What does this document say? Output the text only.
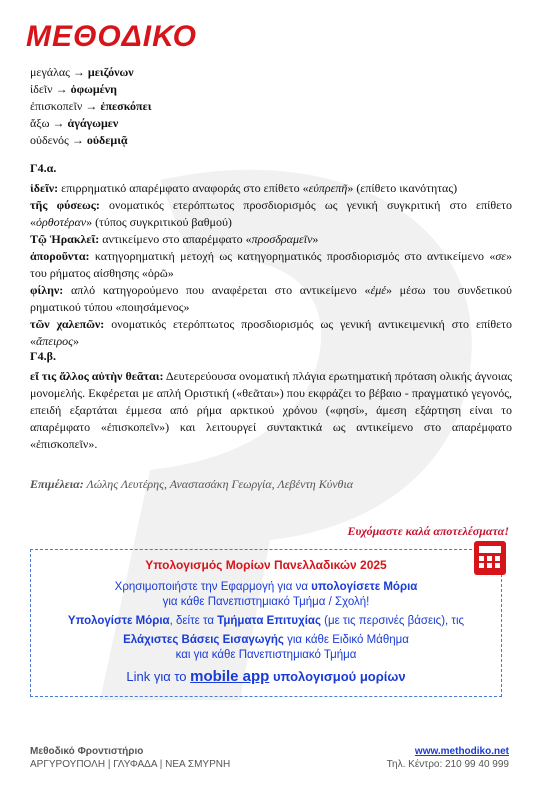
ΜΕΘΟΔΙΚΟ
μεγάλας → μειζόνων
ἰδεῖν → ὀφωμένη
ἐπισκοπεῖν → ἐπεσκόπει
ἄξω → ἀγάγωμεν
οὐδενός → οὐδεμιᾷ
Γ4.α.

ἰδεῖν: επιρρηματικό απαρέμφατο αναφοράς στο επίθετο «εὐπρεπῆ» (επίθετο ικανότητας)

τῆς φύσεως: ονοματικός ετερόπτωτος προσδιορισμός ως γενική συγκριτική στο επίθετο «ὀρθοτέραν» (τύπος συγκριτικού βαθμού)

Τῷ Ἡρακλεῖ: αντικείμενο στο απαρέμφατο «προσδραμεῖν»

ἀποροῦντα: κατηγορηματική μετοχή ως κατηγορηματικός προσδιορισμός στο αντικείμενο «σε» του ρήματος αίσθησης «ὁρῶ»

φίλην: απλό κατηγορούμενο που αναφέρεται στο αντικείμενο «ἐμέ» μέσω του συνδετικού ρηματικού τύπου «ποιησάμενος»

τῶν χαλεπῶν: ονοματικός ετερόπτωτος προσδιορισμός ως γενική αντικειμενική στο επίθετο «ἄπειρος»

Γ4.β.

εἴ τις ἄλλος αὐτὴν θεᾶται: Δευτερεύουσα ονοματική πλάγια ερωτηματική πρόταση ολικής άγνοιας μονομελής. Εκφέρεται με απλή Οριστική («θεᾶται») που εκφράζει το βέβαιο - πραγματικό γεγονός, επειδή εξαρτάται έμμεσα από ρήμα αρκτικού χρόνου («φησί», άμεση εξάρτηση είναι το απαρέμφατο «ἐπισκοπεῖν») και λειτουργεί συντακτικά ως αντικείμενο στο απαρέμφατο «ἐπισκοπεῖν».

Επιμέλεια: Λώλης Λευτέρης, Αναστασάκη Γεωργία, Λεβέντη Κύνθια
Ευχόμαστε καλά αποτελέσματα!
Υπολογισμός Μορίων Πανελλαδικών 2025

Χρησιμοποιήστε την Εφαρμογή για να υπολογίσετε Μόρια

για κάθε Πανεπιστημιακό Τμήμα / Σχολή!

Υπολογίστε Μόρια, δείτε τα Τμήματα Επιτυχίας (με τις περσινές βάσεις), τις

Ελάχιστες Βάσεις Εισαγωγής για κάθε Ειδικό Μάθημα

και για κάθε Πανεπιστημιακό Τμήμα

Link για το mobile app υπολογισμού μορίων

Μεθοδικό Φροντιστήριο
ΑΡΓΥΡΟΥΠΟΛΗ | ΓΛΥΦΑΔΑ | ΝΕΑ ΣΜΥΡΝΗ
www.methodiko.net
Τηλ. Κέντρο: 210 99 40 999
